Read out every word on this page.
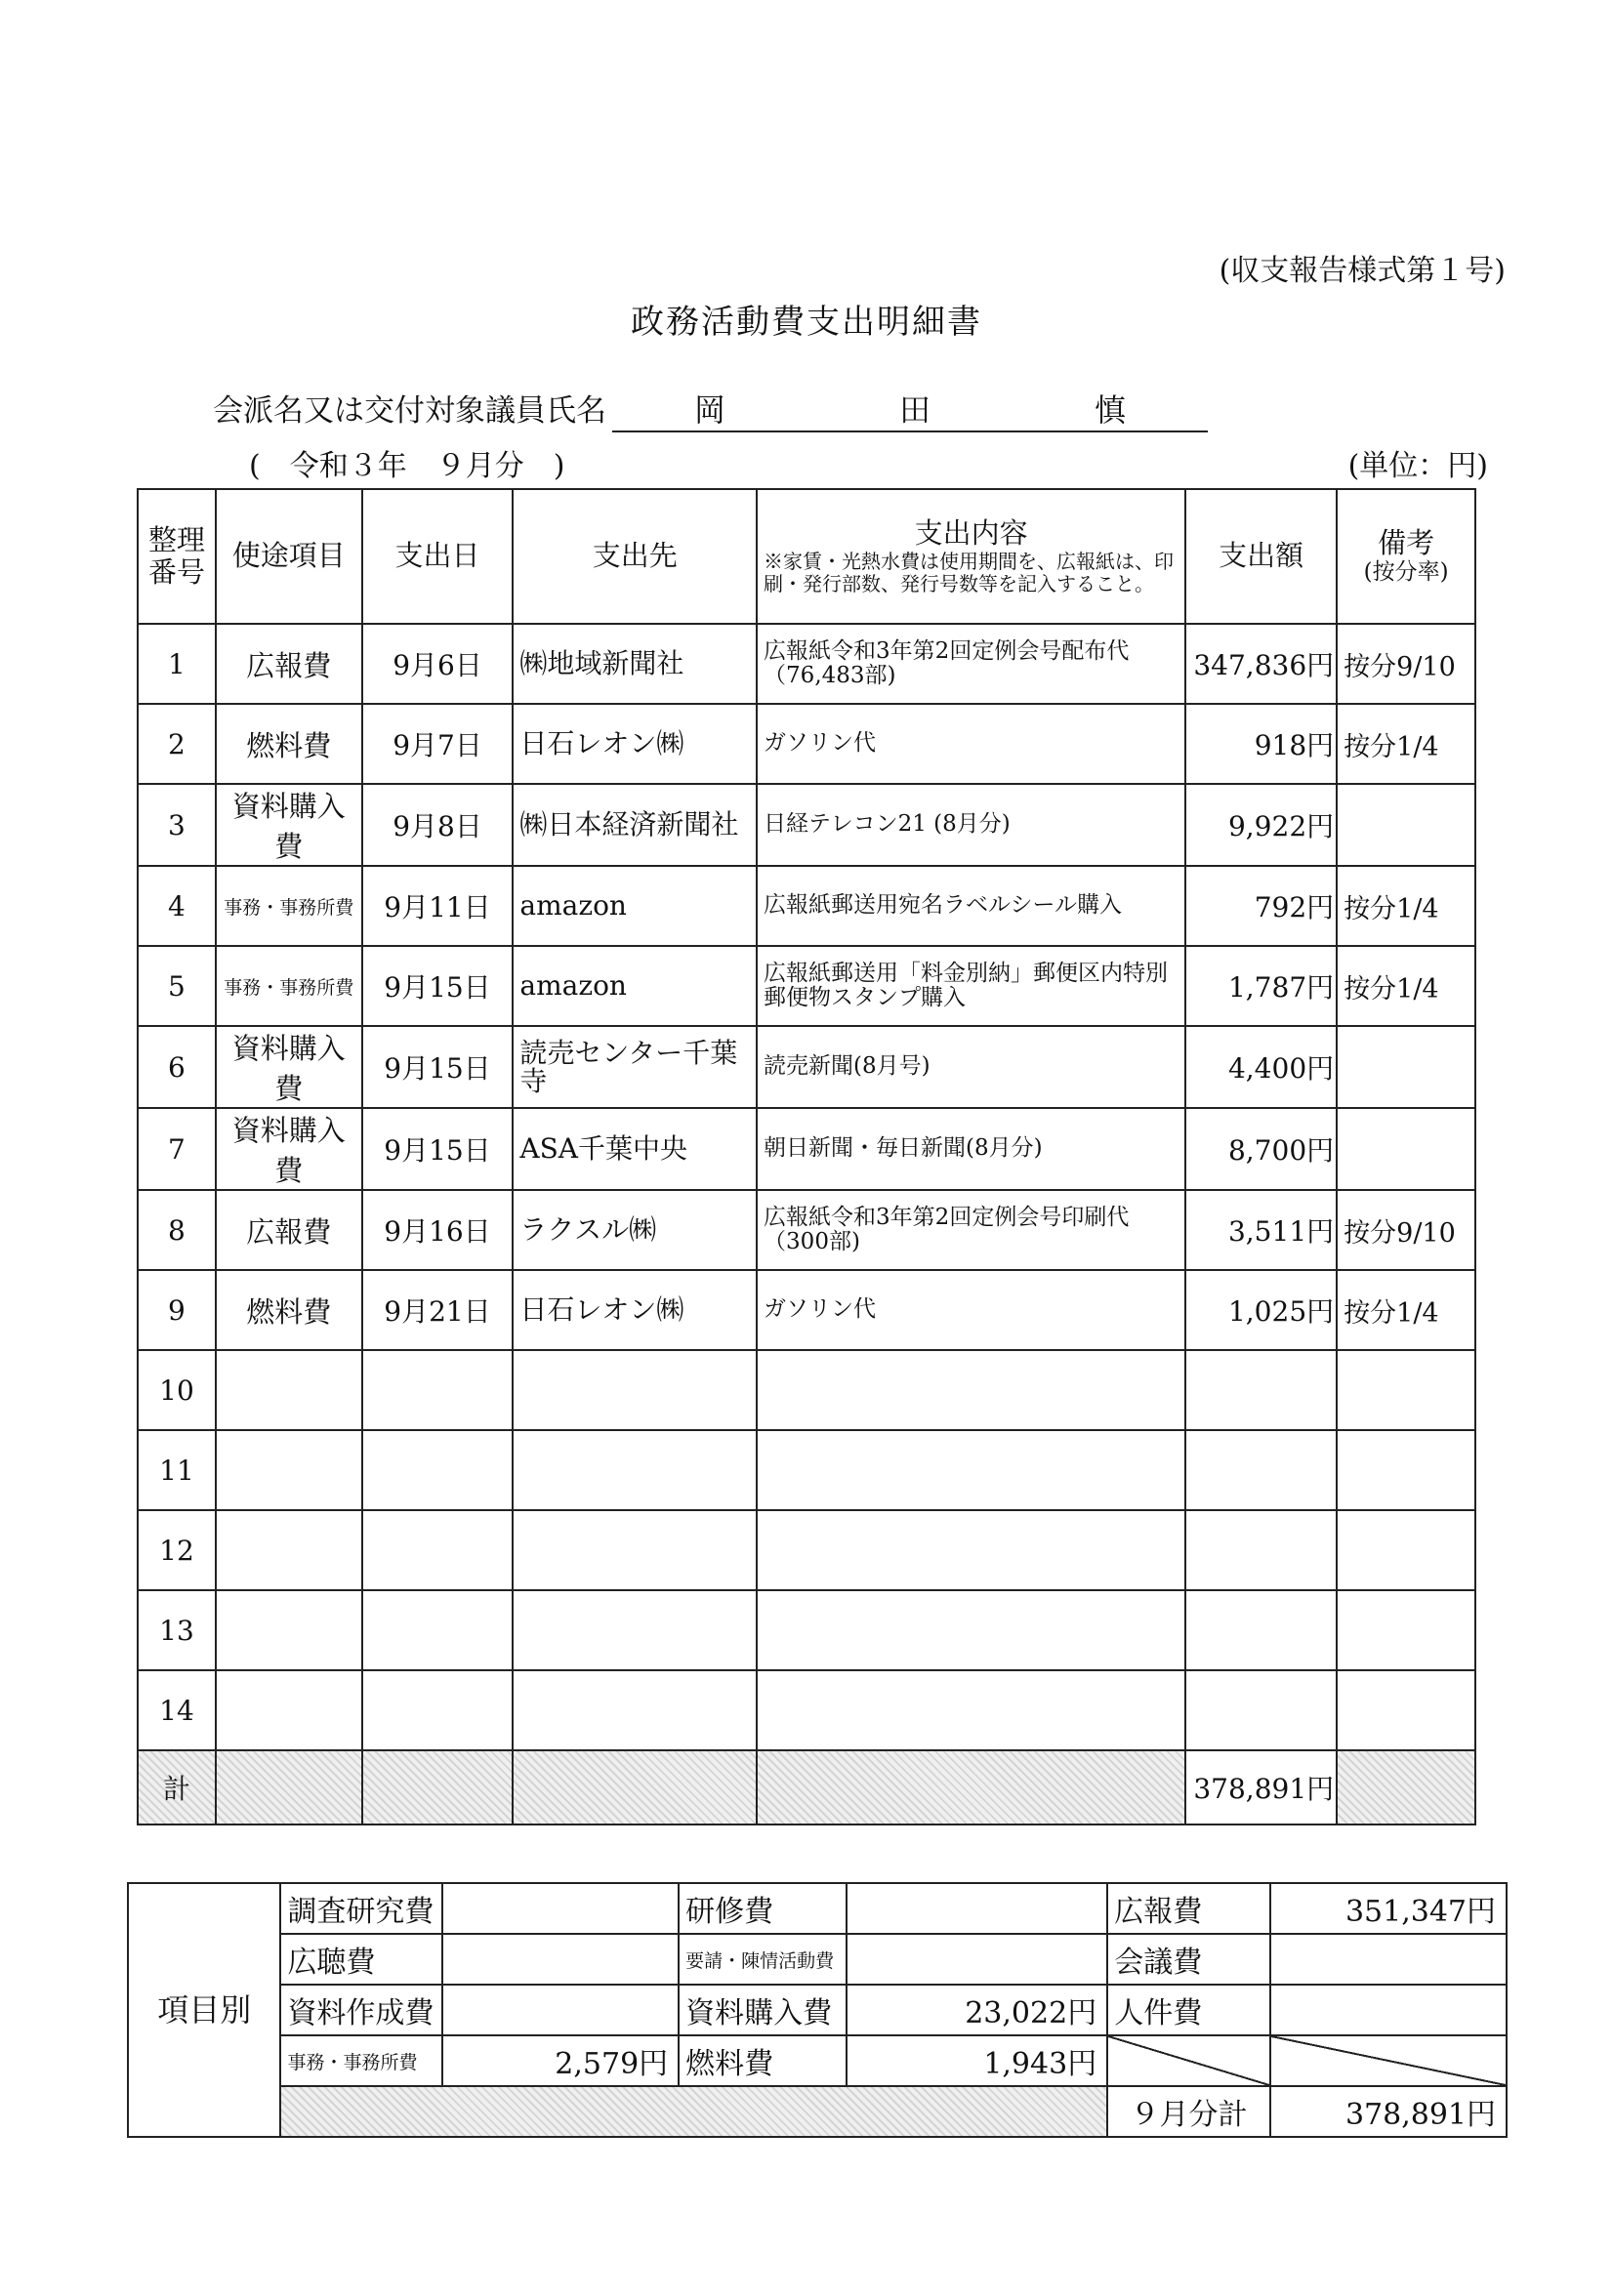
(収支報告様式第１号)
政務活動費支出明細書
会派名又は交付対象議員氏名	岡	田	慎
(　令和３年　９月分　)	(単位：円)
整理番号	使途項目	支出日	支出先	支出内容
※家賃・光熱水費は使用期間を、広報紙は、印刷・発行部数、発行号数等を記入すること。	支出額	備考
(按分率)

1	広報費	9月6日	㈱地域新聞社	広報紙令和3年第2回定例会号配布代（76,483部)	347,836円	按分9/10
2	燃料費	9月7日	日石レオン㈱	ガソリン代	918円	按分1/4
3	資料購入費	9月8日	㈱日本経済新聞社	日経テレコン21 (8月分)	9,922円	
4	事務・事務所費	9月11日	amazon	広報紙郵送用宛名ラベルシール購入	792円	按分1/4
5	事務・事務所費	9月15日	amazon	広報紙郵送用「料金別納」郵便区内特別郵便物スタンプ購入	1,787円	按分1/4
6	資料購入費	9月15日	読売センター千葉寺	読売新聞(8月号)	4,400円	
7	資料購入費	9月15日	ASA千葉中央	朝日新聞・毎日新聞(8月分)	8,700円	
8	広報費	9月16日	ラクスル㈱	広報紙令和3年第2回定例会号印刷代（300部)	3,511円	按分9/10
9	燃料費	9月21日	日石レオン㈱	ガソリン代	1,025円	按分1/4
10						
11						
12						
13						
14						
計					378,891円	
項目別	調査研究費		研修費		広報費	351,347円
	広聴費		要請・陳情活動費		会議費	
	資料作成費		資料購入費	23,022円	人件費	
	事務・事務所費	2,579円	燃料費	1,943円		
					９月分計	378,891円
